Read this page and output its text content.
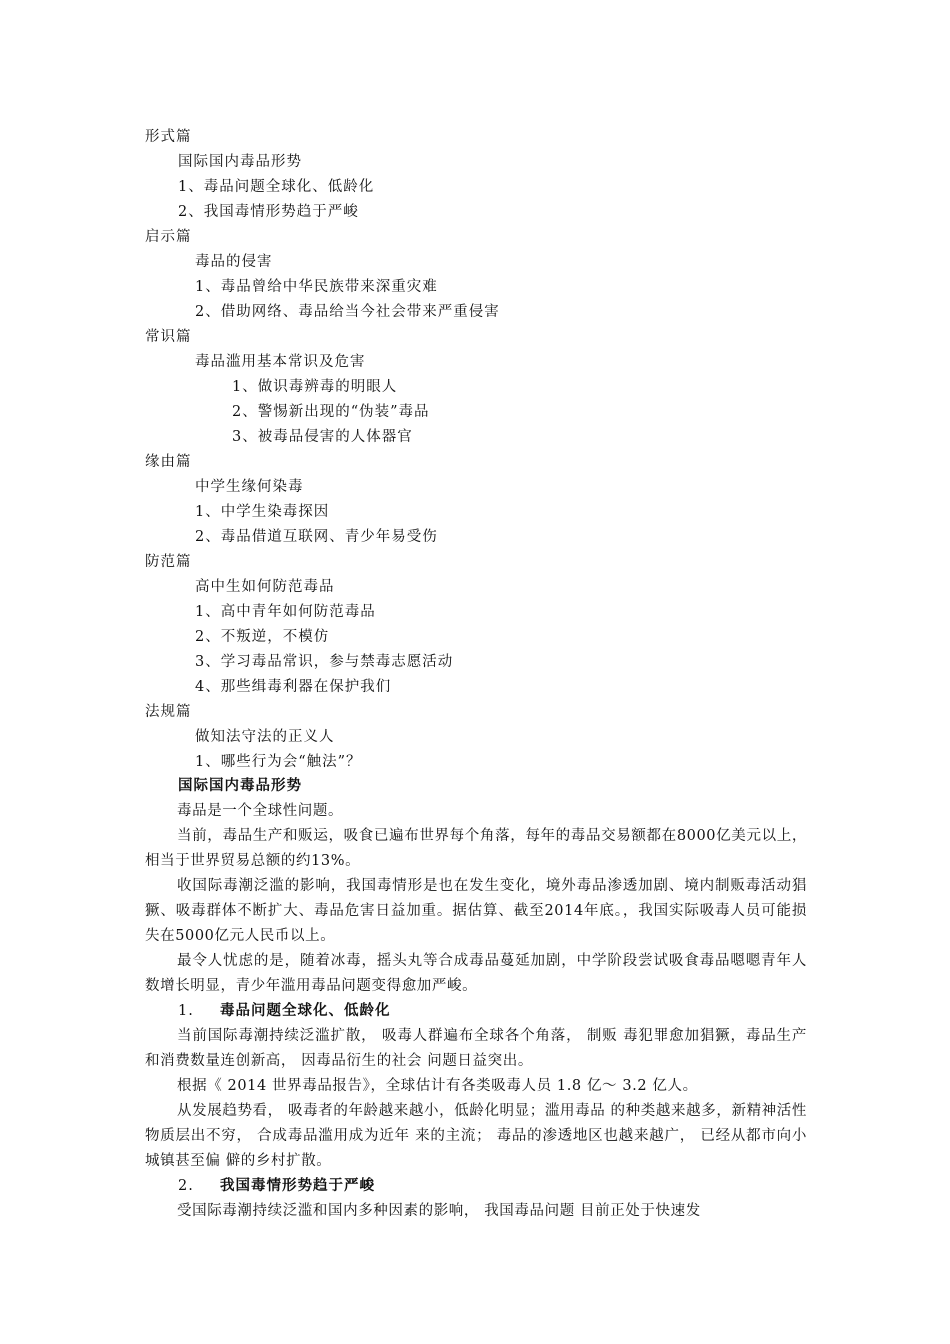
形式篇
国际国内毒品形势
1、毒品问题全球化、低龄化
2、我国毒情形势趋于严峻
启示篇
毒品的侵害
1、毒品曾给中华民族带来深重灾难
2、借助网络、毒品给当今社会带来严重侵害
常识篇
毒品滥用基本常识及危害
1、做识毒辨毒的明眼人
2、警惕新出现的“伪装”毒品
3、被毒品侵害的人体器官
缘由篇
中学生缘何染毒
1、中学生染毒探因
2、毒品借道互联网、青少年易受伤
防范篇
高中生如何防范毒品
1、高中青年如何防范毒品
2、不叛逆，不模仿
3、学习毒品常识，参与禁毒志愿活动
4、那些缉毒利器在保护我们
法规篇
做知法守法的正义人
1、哪些行为会“触法”？
国际国内毒品形势
毒品是一个全球性问题。
当前，毒品生产和贩运，吸食已遍布世界每个角落，每年的毒品交易额都在8000亿美元以上，相当于世界贸易总额的约13%。
收国际毒潮泛滥的影响，我国毒情形是也在发生变化，境外毒品渗透加剧、境内制贩毒活动猖獗、吸毒群体不断扩大、毒品危害日益加重。据估算、截至2014年底。，我国实际吸毒人员可能损失在5000亿元人民币以上。
最令人忧虑的是，随着冰毒，摇头丸等合成毒品蔓延加剧，中学阶段尝试吸食毒品嗯嗯青年人数增长明显，青少年滥用毒品问题变得愈加严峻。
1. 毒品问题全球化、低龄化
当前国际毒潮持续泛滥扩散， 吸毒人群遍布全球各个角落， 制贩 毒犯罪愈加猖獗，毒品生产和消费数量连创新高， 因毒品衍生的社会 问题日益突出。
根据《 2014 世界毒品报告》，全球估计有各类吸毒人员 1.8 亿～ 3.2 亿人。
从发展趋势看， 吸毒者的年龄越来越小，低龄化明显；滥用毒品 的种类越来越多，新精神活性物质层出不穷， 合成毒品滥用成为近年 来的主流； 毒品的渗透地区也越来越广， 已经从都市向小城镇甚至偏 僻的乡村扩散。
2. 我国毒情形势趋于严峻
受国际毒潮持续泛滥和国内多种因素的影响， 我国毒品问题 目前正处于快速发
